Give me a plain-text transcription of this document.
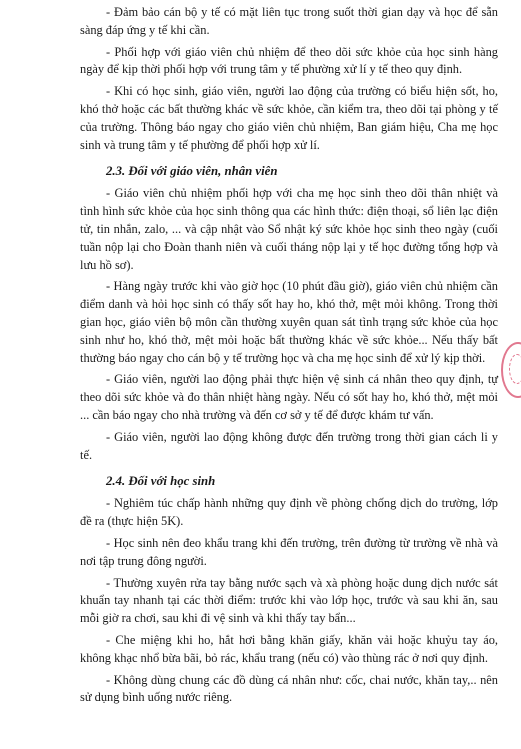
- Đảm bảo cán bộ y tế có mặt liên tục trong suốt thời gian dạy và học để sẵn sàng đáp ứng y tế khi cần.

- Phối hợp với giáo viên chủ nhiệm để theo dõi sức khỏe của học sinh hàng ngày để kịp thời phối hợp với trung tâm y tế phường xử lí y tế theo quy định.

- Khi có học sinh, giáo viên, người lao động của trường có biểu hiện sốt, ho, khó thở hoặc các bất thường khác về sức khỏe, cần kiểm tra, theo dõi tại phòng y tế của trường. Thông báo ngay cho giáo viên chủ nhiệm, Ban giám hiệu, Cha mẹ học sinh và trung tâm y tế phường để phối hợp xử lí.

2.3. Đối với giáo viên, nhân viên

- Giáo viên chủ nhiệm phối hợp với cha mẹ học sinh theo dõi thân nhiệt và tình hình sức khỏe của học sinh thông qua các hình thức: điện thoại, sổ liên lạc điện tử, tin nhắn, zalo, ... và cập nhật vào Sổ nhật ký sức khỏe học sinh theo ngày (cuối tuần nộp lại cho Đoàn thanh niên và cuối tháng nộp lại y tế học đường tổng hợp và lưu hồ sơ).

- Hàng ngày trước khi vào giờ học (10 phút đầu giờ), giáo viên chủ nhiệm cần điểm danh và hỏi học sinh có thấy sốt hay ho, khó thở, mệt mỏi không. Trong thời gian học, giáo viên bộ môn cần thường xuyên quan sát tình trạng sức khỏe của học sinh như ho, khó thở, mệt mỏi hoặc bất thường khác về sức khỏe... Nếu thấy bất thường báo ngay cho cán bộ y tế trường học và cha mẹ học sinh để xử lý kịp thời.

- Giáo viên, người lao động phải thực hiện vệ sinh cá nhân theo quy định, tự theo dõi sức khỏe và đo thân nhiệt hàng ngày. Nếu có sốt hay ho, khó thở, mệt mỏi ... cần báo ngay cho nhà trường và đến cơ sở y tế để được khám tư vấn.

- Giáo viên, người lao động không được đến trường trong thời gian cách li y tế.

2.4. Đối với học sinh

- Nghiêm túc chấp hành những quy định về phòng chống dịch do trường, lớp đề ra (thực hiện 5K).

- Học sinh nên đeo khẩu trang khi đến trường, trên đường từ trường về nhà và nơi tập trung đông người.

- Thường xuyên rửa tay bằng nước sạch và xà phòng hoặc dung dịch nước sát khuẩn tay nhanh tại các thời điểm: trước khi vào lớp học, trước và sau khi ăn, sau mỗi giờ ra chơi, sau khi đi vệ sinh và khi thấy tay bẩn...

- Che miệng khi ho, hắt hơi bằng khăn giấy, khăn vải hoặc khuỷu tay áo, không khạc nhổ bừa bãi, bỏ rác, khẩu trang (nếu có) vào thùng rác ở nơi quy định.

- Không dùng chung các đồ dùng cá nhân như: cốc, chai nước, khăn tay,.. nên sử dụng bình uống nước riêng.
